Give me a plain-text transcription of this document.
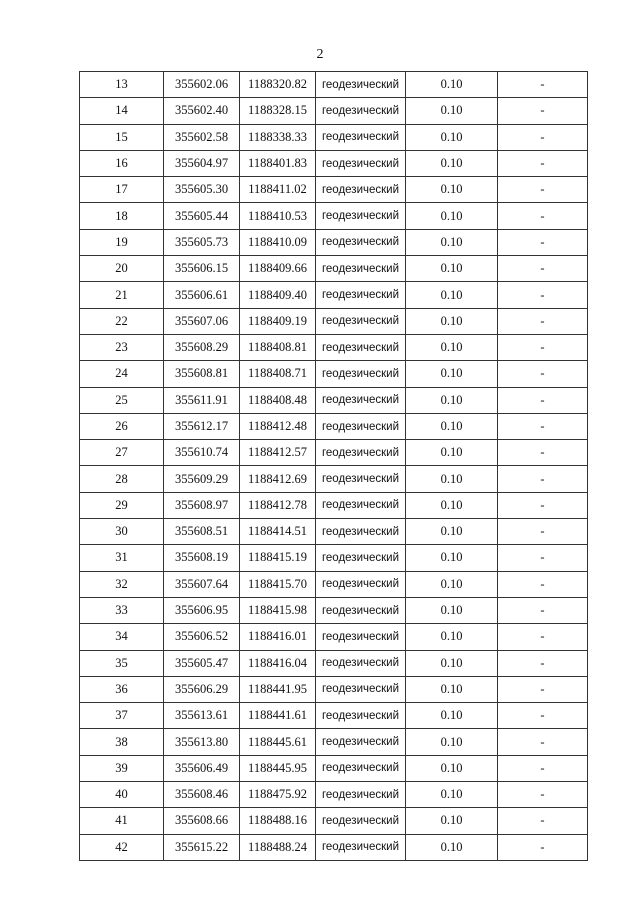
2
13	355602.06	1188320.82	геодезический	0.10	-
14	355602.40	1188328.15	геодезический	0.10	-
15	355602.58	1188338.33	геодезический	0.10	-
16	355604.97	1188401.83	геодезический	0.10	-
17	355605.30	1188411.02	геодезический	0.10	-
18	355605.44	1188410.53	геодезический	0.10	-
19	355605.73	1188410.09	геодезический	0.10	-
20	355606.15	1188409.66	геодезический	0.10	-
21	355606.61	1188409.40	геодезический	0.10	-
22	355607.06	1188409.19	геодезический	0.10	-
23	355608.29	1188408.81	геодезический	0.10	-
24	355608.81	1188408.71	геодезический	0.10	-
25	355611.91	1188408.48	геодезический	0.10	-
26	355612.17	1188412.48	геодезический	0.10	-
27	355610.74	1188412.57	геодезический	0.10	-
28	355609.29	1188412.69	геодезический	0.10	-
29	355608.97	1188412.78	геодезический	0.10	-
30	355608.51	1188414.51	геодезический	0.10	-
31	355608.19	1188415.19	геодезический	0.10	-
32	355607.64	1188415.70	геодезический	0.10	-
33	355606.95	1188415.98	геодезический	0.10	-
34	355606.52	1188416.01	геодезический	0.10	-
35	355605.47	1188416.04	геодезический	0.10	-
36	355606.29	1188441.95	геодезический	0.10	-
37	355613.61	1188441.61	геодезический	0.10	-
38	355613.80	1188445.61	геодезический	0.10	-
39	355606.49	1188445.95	геодезический	0.10	-
40	355608.46	1188475.92	геодезический	0.10	-
41	355608.66	1188488.16	геодезический	0.10	-
42	355615.22	1188488.24	геодезический	0.10	-
